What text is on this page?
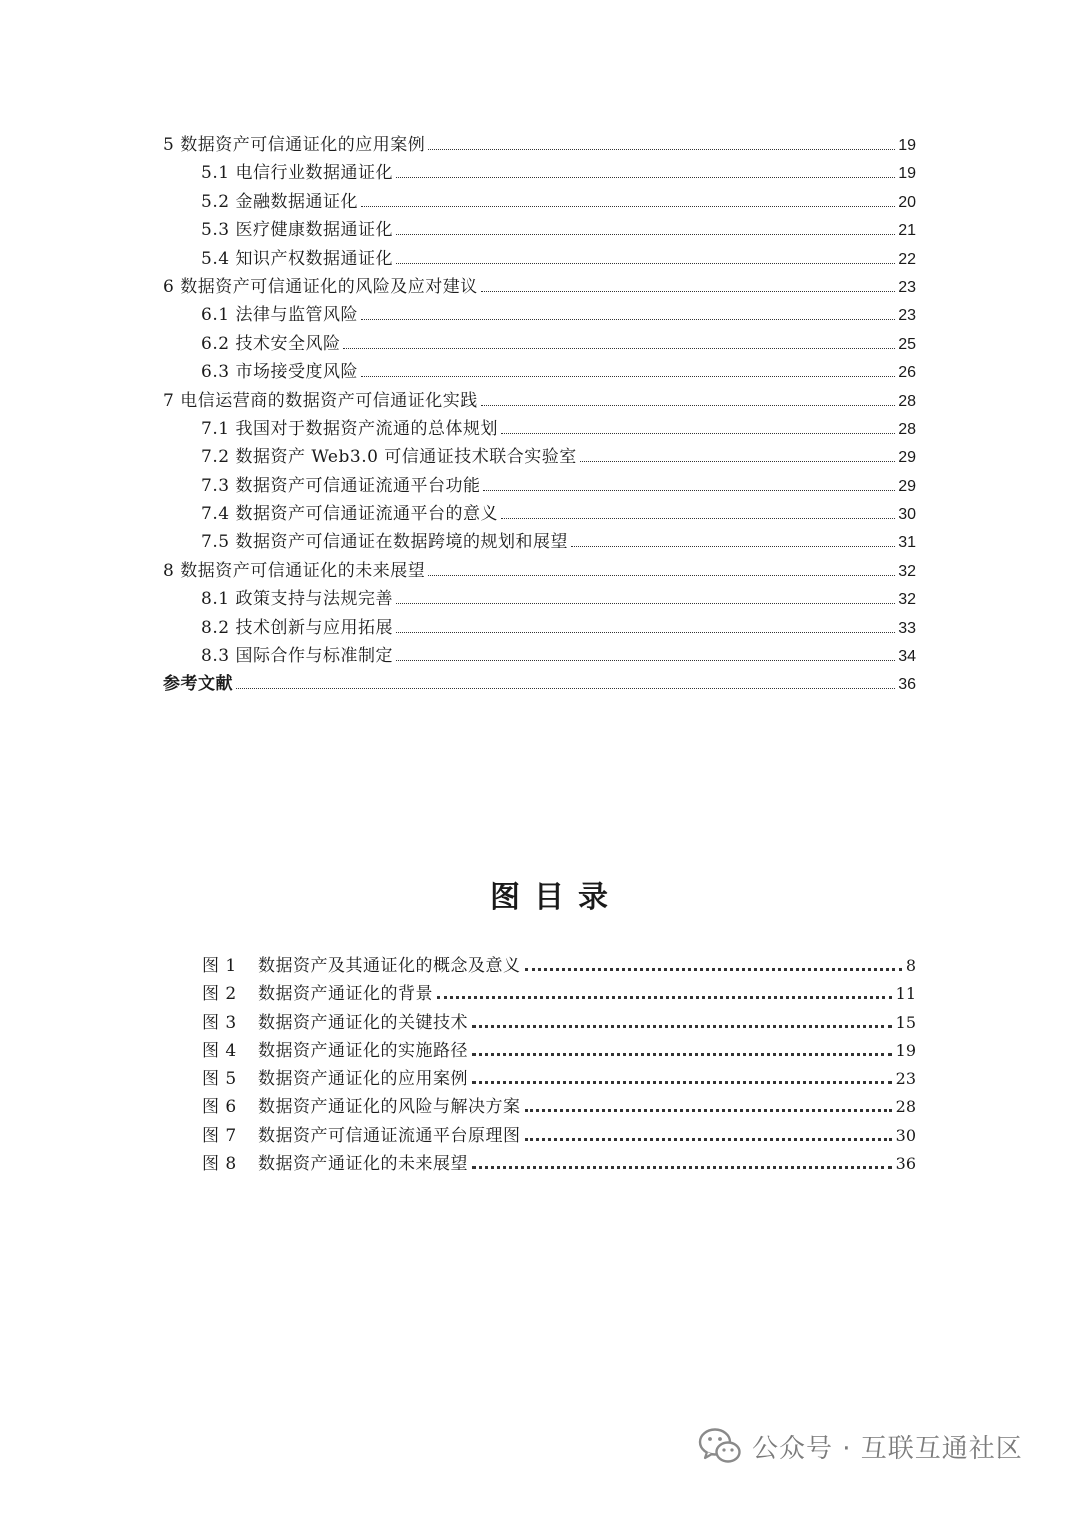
5 数据资产可信通证化的应用案例	19
5.1 电信行业数据通证化	19
5.2 金融数据通证化	20
5.3 医疗健康数据通证化	21
5.4 知识产权数据通证化	22
6 数据资产可信通证化的风险及应对建议	23
6.1 法律与监管风险	23
6.2 技术安全风险	25
6.3 市场接受度风险	26
7 电信运营商的数据资产可信通证化实践	28
7.1 我国对于数据资产流通的总体规划	28
7.2 数据资产 Web3.0 可信通证技术联合实验室	29
7.3 数据资产可信通证流通平台功能	29
7.4 数据资产可信通证流通平台的意义	30
7.5 数据资产可信通证在数据跨境的规划和展望	31
8 数据资产可信通证化的未来展望	32
8.1 政策支持与法规完善	32
8.2 技术创新与应用拓展	33
8.3 国际合作与标准制定	34
参考文献	36
图目录
图 1 数据资产及其通证化的概念及意义	8
图 2 数据资产通证化的背景	11
图 3 数据资产通证化的关键技术	15
图 4 数据资产通证化的实施路径	19
图 5 数据资产通证化的应用案例	23
图 6 数据资产通证化的风险与解决方案	28
图 7 数据资产可信通证流通平台原理图	30
图 8 数据资产通证化的未来展望	36
公众号 · 互联互通社区
